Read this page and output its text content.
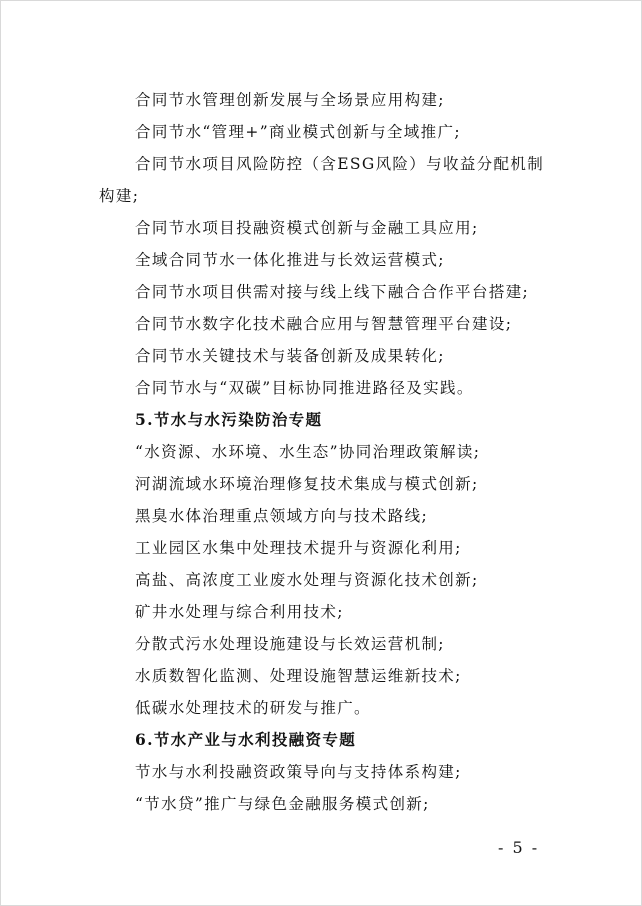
合同节水管理创新发展与全场景应用构建;
合同节水“管理+”商业模式创新与全域推广;
合同节水项目风险防控（含ESG风险）与收益分配机制
构建;
合同节水项目投融资模式创新与金融工具应用;
全域合同节水一体化推进与长效运营模式;
合同节水项目供需对接与线上线下融合合作平台搭建;
合同节水数字化技术融合应用与智慧管理平台建设;
合同节水关键技术与装备创新及成果转化;
合同节水与“双碳”目标协同推进路径及实践。
5.节水与水污染防治专题
“水资源、水环境、水生态”协同治理政策解读;
河湖流域水环境治理修复技术集成与模式创新;
黑臭水体治理重点领域方向与技术路线;
工业园区水集中处理技术提升与资源化利用;
高盐、高浓度工业废水处理与资源化技术创新;
矿井水处理与综合利用技术;
分散式污水处理设施建设与长效运营机制;
水质数智化监测、处理设施智慧运维新技术;
低碳水处理技术的研发与推广。
6.节水产业与水利投融资专题
节水与水利投融资政策导向与支持体系构建;
“节水贷”推广与绿色金融服务模式创新;
- 5 -
